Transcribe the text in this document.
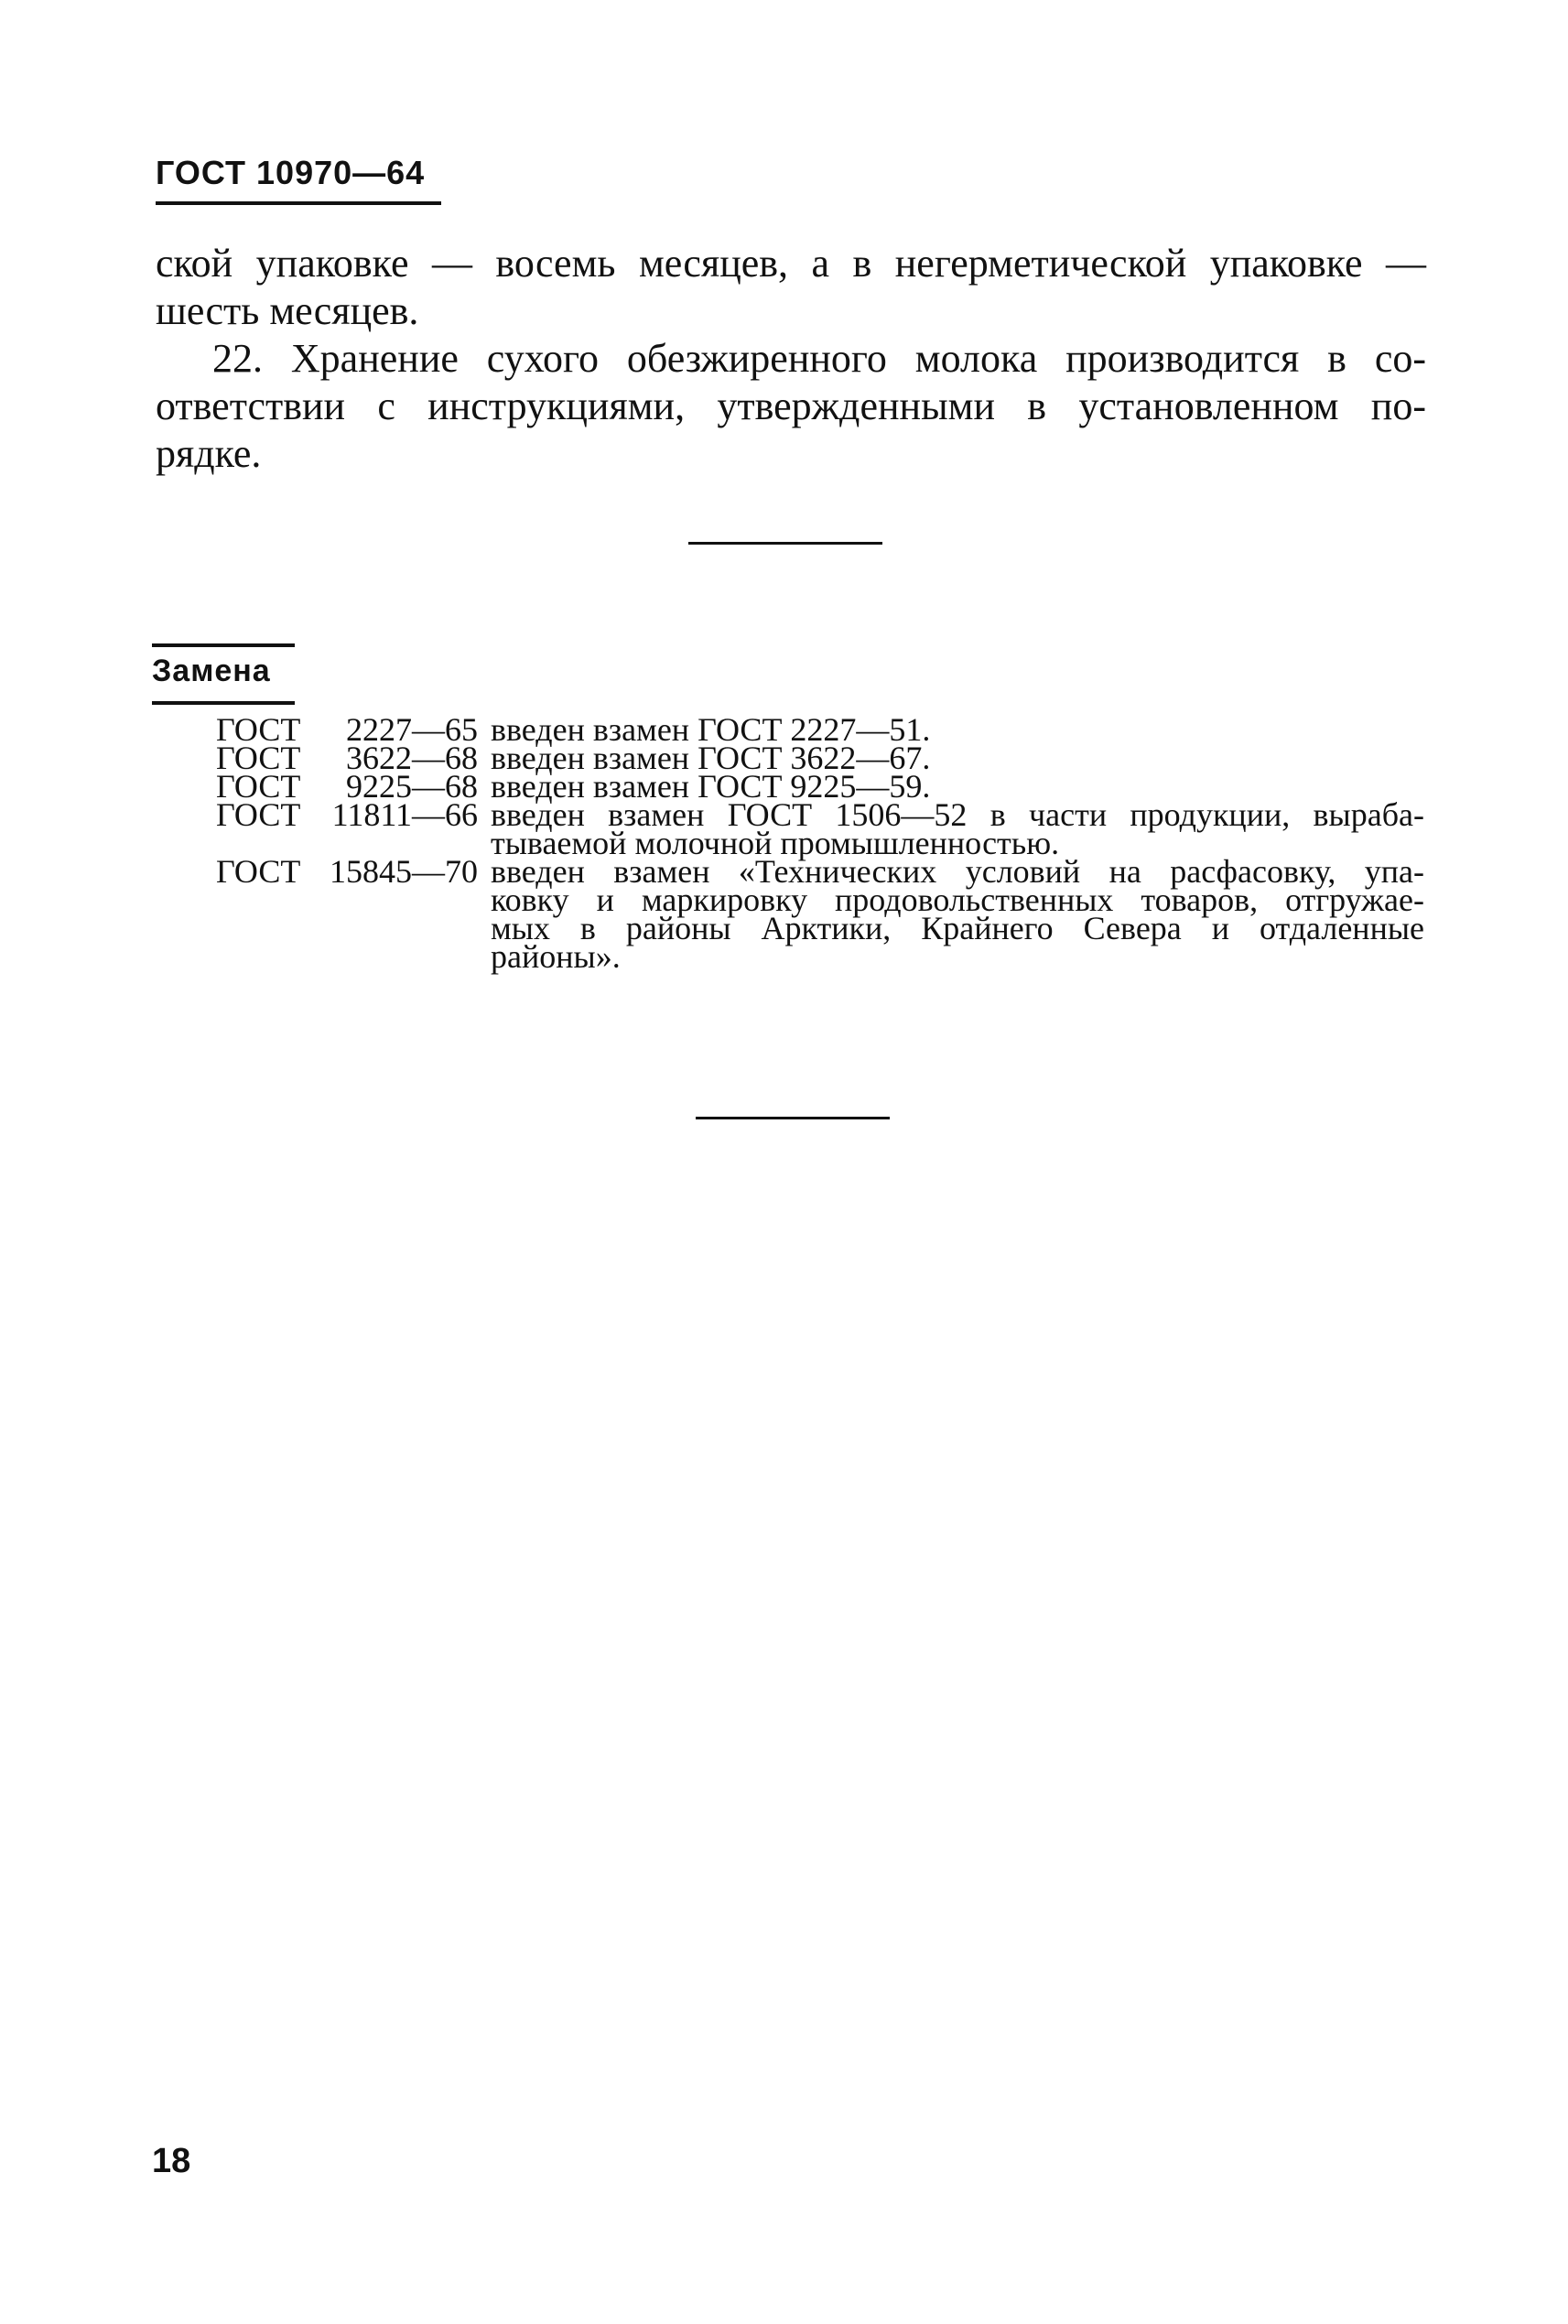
ГОСТ 10970—64

ской упаковке — восемь месяцев, а в негерметической упаковке —
шесть месяцев.

22. Хранение сухого обезжиренного молока производится в со-
ответствии с инструкциями, утвержденными в установленном по-
рядке.

Замена
ГОСТ	2227—65 введен взамен ГОСТ 2227—51.
ГОСТ	3622—68 введен взамен ГОСТ 3622—67.
ГОСТ	9225—68 введен взамен ГОСТ 9225—59.
ГОСТ 11811—66 введен взамен ГОСТ 1506—52 в части продукции, выраба-
тываемой молочной промышленностью.
ГОСТ 15845—70 введен взамен «Технических условий на расфасовку, упа-
ковку и маркировку продовольственных товаров, отгружае-
мых в районы Арктики, Крайнего Севера и отдаленные
районы».
18
